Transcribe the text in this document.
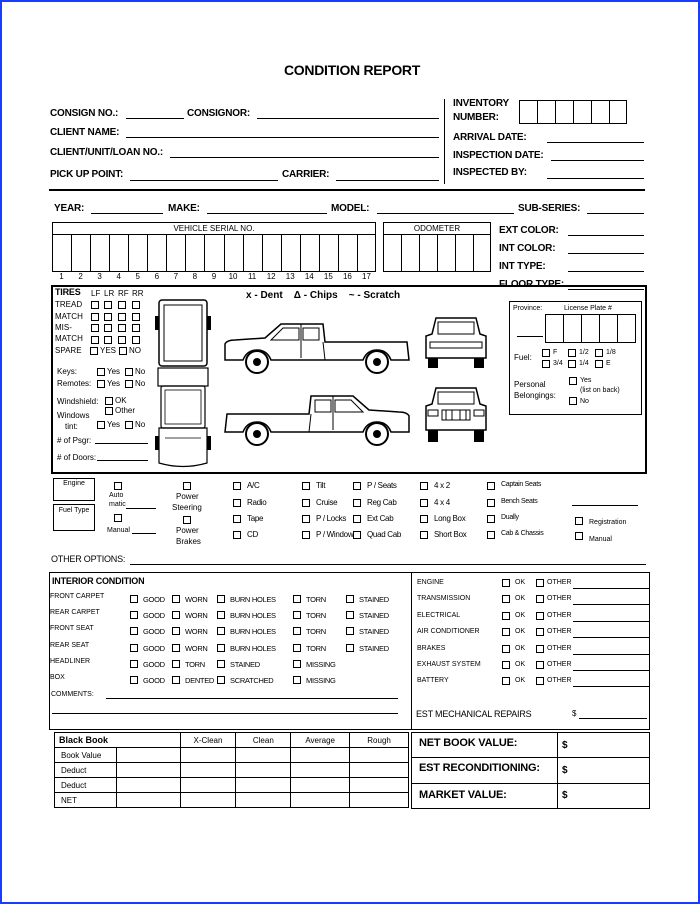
CONDITION REPORT
CONSIGN NO.:	CONSIGNOR:
CLIENT NAME:
CLIENT/UNIT/LOAN NO.:
PICK UP POINT:	CARRIER:
INVENTORY
NUMBER:
ARRIVAL DATE:
INSPECTION DATE:
INSPECTED BY:
YEAR:	MAKE:	MODEL:	SUB-SERIES:
VEHICLE SERIAL NO.	ODOMETER	EXT COLOR:
INT COLOR:
INT TYPE:
FLOOR TYPE:
TIRES LF LR RF RR
TREAD
MATCH
MIS-
MATCH
SPARE YES NO
Keys:	Yes No
Remotes: Yes No
Windshield: OK
Other
Windows
tint:	Yes No
# of Psgr:
# of Doors:
x - Dent    Δ - Chips    ~ - Scratch
Province:	License Plate #
Fuel:
F	1/2 1/8
3/4 1/4 E
Personal
Belongings:
Yes
(list on back)
No
Engine
Fuel Type
Auto
matic
Manual
Power
Steering
Power
Brakes
Registration
Manual
OTHER OPTIONS:
INTERIOR CONDITION
COMMENTS:
EST MECHANICAL REPAIRS	$
Black Book		X-Clean	Clean	Average	Rough
Book Value					
Deduct					
Deduct					
NET					
NET BOOK VALUE:	$
EST RECONDITIONING: $
MARKET VALUE:	$
1	2	3	4	5	6	7	8	9	10	11	12	13	14	15	16	17
A/C
Radio
Tape
CD
Tilt
Cruise
P / Locks
P / Window
P / Seats
Reg Cab
Ext Cab
Quad Cab
4 x 2
4 x 4
Long Box
Short Box
Captain Seats
Bench Seats
Dually
Cab & Chassis
FRONT CARPET	GOOD	WORN	BURN HOLES	TORN	STAINED
REAR CARPET	GOOD	WORN	BURN HOLES	TORN	STAINED
FRONT SEAT	GOOD	WORN	BURN HOLES	TORN	STAINED
REAR SEAT	GOOD	WORN	BURN HOLES	TORN	STAINED
HEADLINER	GOOD	TORN	STAINED	MISSING
BOX	GOOD	DENTED SCRATCHED	MISSING
ENGINE	OK	OTHER
TRANSMISSION	OK	OTHER
ELECTRICAL	OK	OTHER
AIR CONDITIONER	OK	OTHER
BRAKES	OK	OTHER
EXHAUST SYSTEM	OK	OTHER
BATTERY	OK	OTHER
